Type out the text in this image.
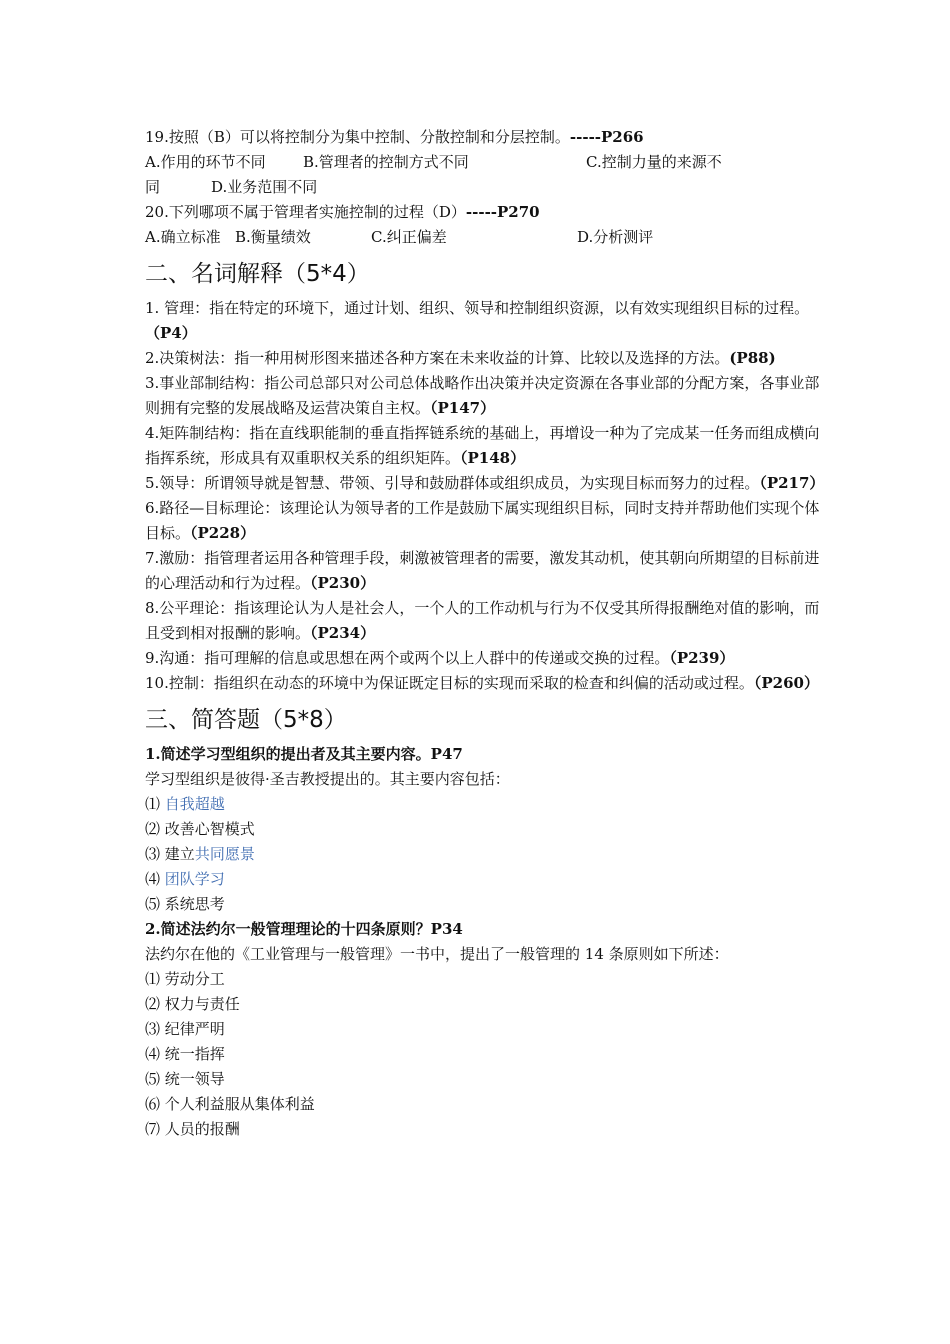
19.按照（B）可以将控制分为集中控制、分散控制和分层控制。-----P266
A.作用的环节不同 B.管理者的控制方式不同	C.控制力量的来源不
同	D.业务范围不同
20.下列哪项不属于管理者实施控制的过程（D）-----P270
A.确立标准 B.衡量绩效	C.纠正偏差	D.分析测评
二、名词解释（5*4）
1. 管理：指在特定的环境下，通过计划、组织、领导和控制组织资源，以有效实现组织目标的过程。（P4）
2.决策树法：指一种用树形图来描述各种方案在未来收益的计算、比较以及选择的方法。(P88)
3.事业部制结构：指公司总部只对公司总体战略作出决策并决定资源在各事业部的分配方案，各事业部则拥有完整的发展战略及运营决策自主权。（P147）
4.矩阵制结构：指在直线职能制的垂直指挥链系统的基础上，再增设一种为了完成某一任务而组成横向指挥系统，形成具有双重职权关系的组织矩阵。（P148）
5.领导：所谓领导就是智慧、带领、引导和鼓励群体或组织成员，为实现目标而努力的过程。（P217）
6.路径—目标理论：该理论认为领导者的工作是鼓励下属实现组织目标，同时支持并帮助他们实现个体目标。（P228）
7.激励：指管理者运用各种管理手段，刺激被管理者的需要，激发其动机，使其朝向所期望的目标前进的心理活动和行为过程。（P230）
8.公平理论：指该理论认为人是社会人，一个人的工作动机与行为不仅受其所得报酬绝对值的影响，而且受到相对报酬的影响。（P234）
9.沟通：指可理解的信息或思想在两个或两个以上人群中的传递或交换的过程。（P239）
10.控制：指组织在动态的环境中为保证既定目标的实现而采取的检查和纠偏的活动或过程。（P260）
三、简答题（5*8）
1.简述学习型组织的提出者及其主要内容。P47
学习型组织是彼得·圣吉教授提出的。其主要内容包括：
⑴ 自我超越
⑵ 改善心智模式
⑶ 建立共同愿景
⑷ 团队学习
⑸ 系统思考
2.简述法约尔一般管理理论的十四条原则？P34
法约尔在他的《工业管理与一般管理》一书中，提出了一般管理的 14 条原则如下所述：
⑴ 劳动分工
⑵ 权力与责任
⑶ 纪律严明
⑷ 统一指挥
⑸ 统一领导
⑹ 个人利益服从集体利益
⑺ 人员的报酬
